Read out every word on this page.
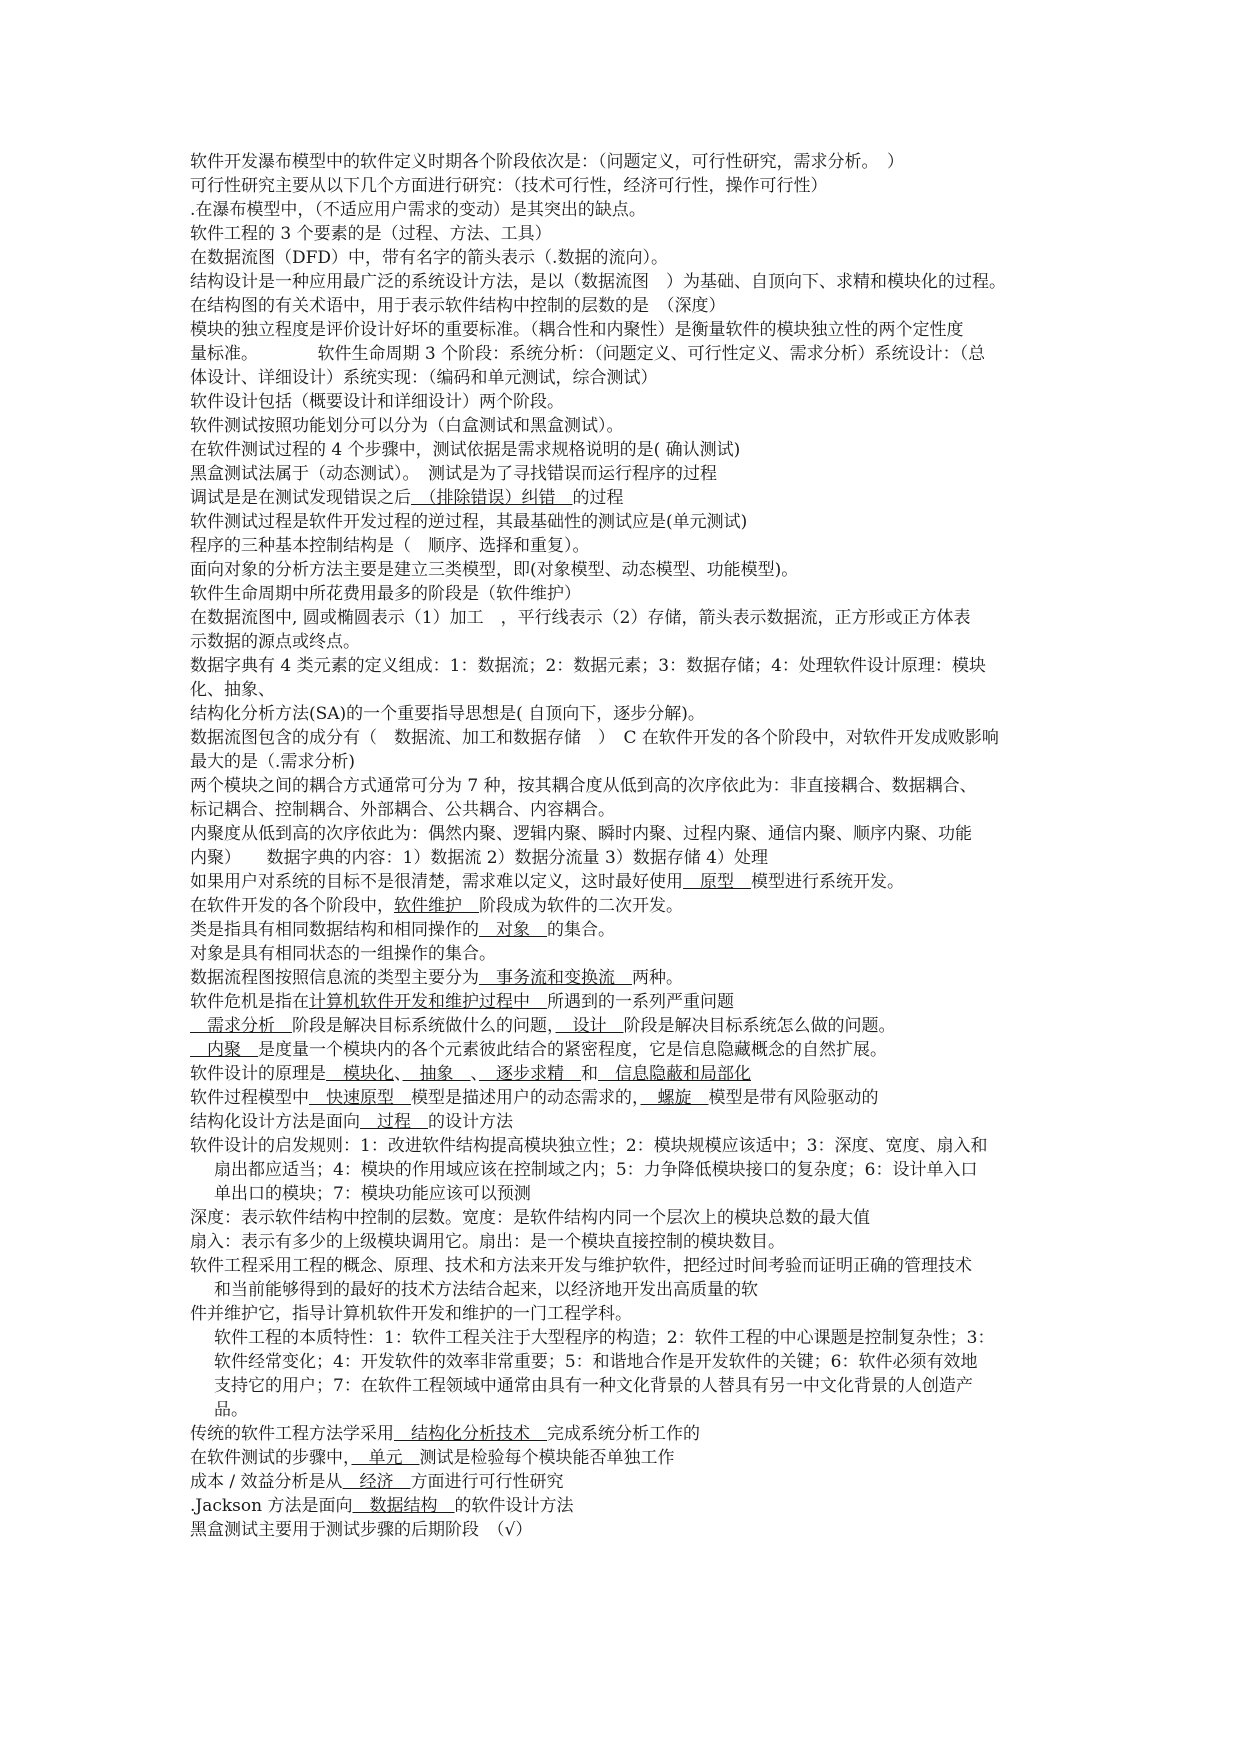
软件开发瀑布模型中的软件定义时期各个阶段依次是：（问题定义，可行性研究，需求分析。　）
可行性研究主要从以下几个方面进行研究：（技术可行性，经济可行性，操作可行性）
.在瀑布模型中，（不适应用户需求的变动）是其突出的缺点。
软件工程的 3 个要素的是（过程、方法、工具）
在数据流图（DFD）中，带有名字的箭头表示（.数据的流向）。
结构设计是一种应用最广泛的系统设计方法，是以（数据流图　）为基础、自顶向下、求精和模块化的过程。
在结构图的有关术语中，用于表示软件结构中控制的层数的是　（深度）
模块的独立程度是评价设计好坏的重要标准。（耦合性和内聚性）是衡量软件的模块独立性的两个定性度
量标准。　　　　软件生命周期 3 个阶段：系统分析：（问题定义、可行性定义、需求分析）系统设计：（总
体设计、详细设计）系统实现：（编码和单元测试，综合测试）
软件设计包括（概要设计和详细设计）两个阶段。
软件测试按照功能划分可以分为（白盒测试和黑盒测试）。
在软件测试过程的 4 个步骤中，测试依据是需求规格说明的是( 确认测试)
黑盒测试法属于（动态测试）。　测试是为了寻找错误而运行程序的过程
调试是是在测试发现错误之后　（排除错误）纠错　的过程
软件测试过程是软件开发过程的逆过程，其最基础性的测试应是(单元测试)
程序的三种基本控制结构是（　顺序、选择和重复）。
面向对象的分析方法主要是建立三类模型，即(对象模型、动态模型、功能模型)。
软件生命周期中所花费用最多的阶段是（软件维护）
在数据流图中, 圆或椭圆表示（1）加工　，平行线表示（2）存储，箭头表示数据流，正方形或正方体表
示数据的源点或终点。
数据字典有 4 类元素的定义组成：1：数据流；2：数据元素；3：数据存储；4：处理软件设计原理：模块
化、抽象、
结构化分析方法(SA)的一个重要指导思想是( 自顶向下，逐步分解)。
数据流图包含的成分有（　数据流、加工和数据存储　）　C 在软件开发的各个阶段中，对软件开发成败影响
最大的是（.需求分析)
两个模块之间的耦合方式通常可分为 7 种，按其耦合度从低到高的次序依此为：非直接耦合、数据耦合、
标记耦合、控制耦合、外部耦合、公共耦合、内容耦合。
内聚度从低到高的次序依此为：偶然内聚、逻辑内聚、瞬时内聚、过程内聚、通信内聚、顺序内聚、功能
内聚）　　数据字典的内容：1）数据流 2）数据分流量 3）数据存储 4）处理
如果用户对系统的目标不是很清楚，需求难以定义，这时最好使用　原型　模型进行系统开发。
在软件开发的各个阶段中，软件维护　阶段成为软件的二次开发。
类是指具有相同数据结构和相同操作的　对象　的集合。
对象是具有相同状态的一组操作的集合。
数据流程图按照信息流的类型主要分为　事务流和变换流　两种。
软件危机是指在计算机软件开发和维护过程中　所遇到的一系列严重问题
　需求分析　阶段是解决目标系统做什么的问题，　设计　阶段是解决目标系统怎么做的问题。
　内聚　是度量一个模块内的各个元素彼此结合的紧密程度，它是信息隐藏概念的自然扩展。
软件设计的原理是　模块化、　抽象　、　逐步求精　和　信息隐蔽和局部化
软件过程模型中　快速原型　模型是描述用户的动态需求的，　螺旋　模型是带有风险驱动的
结构化设计方法是面向　过程　的设计方法
软件设计的启发规则：1：改进软件结构提高模块独立性；2：模块规模应该适中；3：深度、宽度、扇入和
扇出都应适当；4：模块的作用域应该在控制域之内；5：力争降低模块接口的复杂度；6：设计单入口
单出口的模块；7：模块功能应该可以预测
深度：表示软件结构中控制的层数。宽度：是软件结构内同一个层次上的模块总数的最大值
扇入：表示有多少的上级模块调用它。扇出：是一个模块直接控制的模块数目。
软件工程采用工程的概念、原理、技术和方法来开发与维护软件，把经过时间考验而证明正确的管理技术
和当前能够得到的最好的技术方法结合起来，以经济地开发出高质量的软
件并维护它，指导计算机软件开发和维护的一门工程学科。
软件工程的本质特性：1：软件工程关注于大型程序的构造；2：软件工程的中心课题是控制复杂性；3：
软件经常变化；4：开发软件的效率非常重要；5：和谐地合作是开发软件的关键；6：软件必须有效地
支持它的用户；7：在软件工程领域中通常由具有一种文化背景的人替具有另一中文化背景的人创造产
品。
传统的软件工程方法学采用　结构化分析技术　完成系统分析工作的
在软件测试的步骤中，　单元　测试是检验每个模块能否单独工作
成本 / 效益分析是从　经济　方面进行可行性研究
.Jackson 方法是面向　数据结构　的软件设计方法
黑盒测试主要用于测试步骤的后期阶段　（√）
